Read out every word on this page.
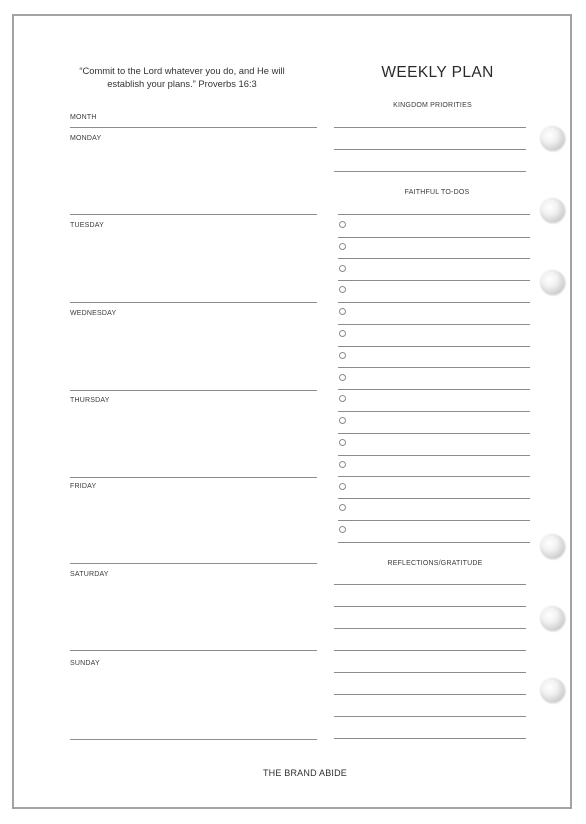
“Commit to the Lord whatever you do, and He will establish your plans.” Proverbs 16:3
WEEKLY PLAN
MONTH
MONDAY
TUESDAY
WEDNESDAY
THURSDAY
FRIDAY
SATURDAY
SUNDAY
KINGDOM PRIORITIES
FAITHFUL TO-DOS
REFLECTIONS/GRATITUDE
THE BRAND ABIDE
